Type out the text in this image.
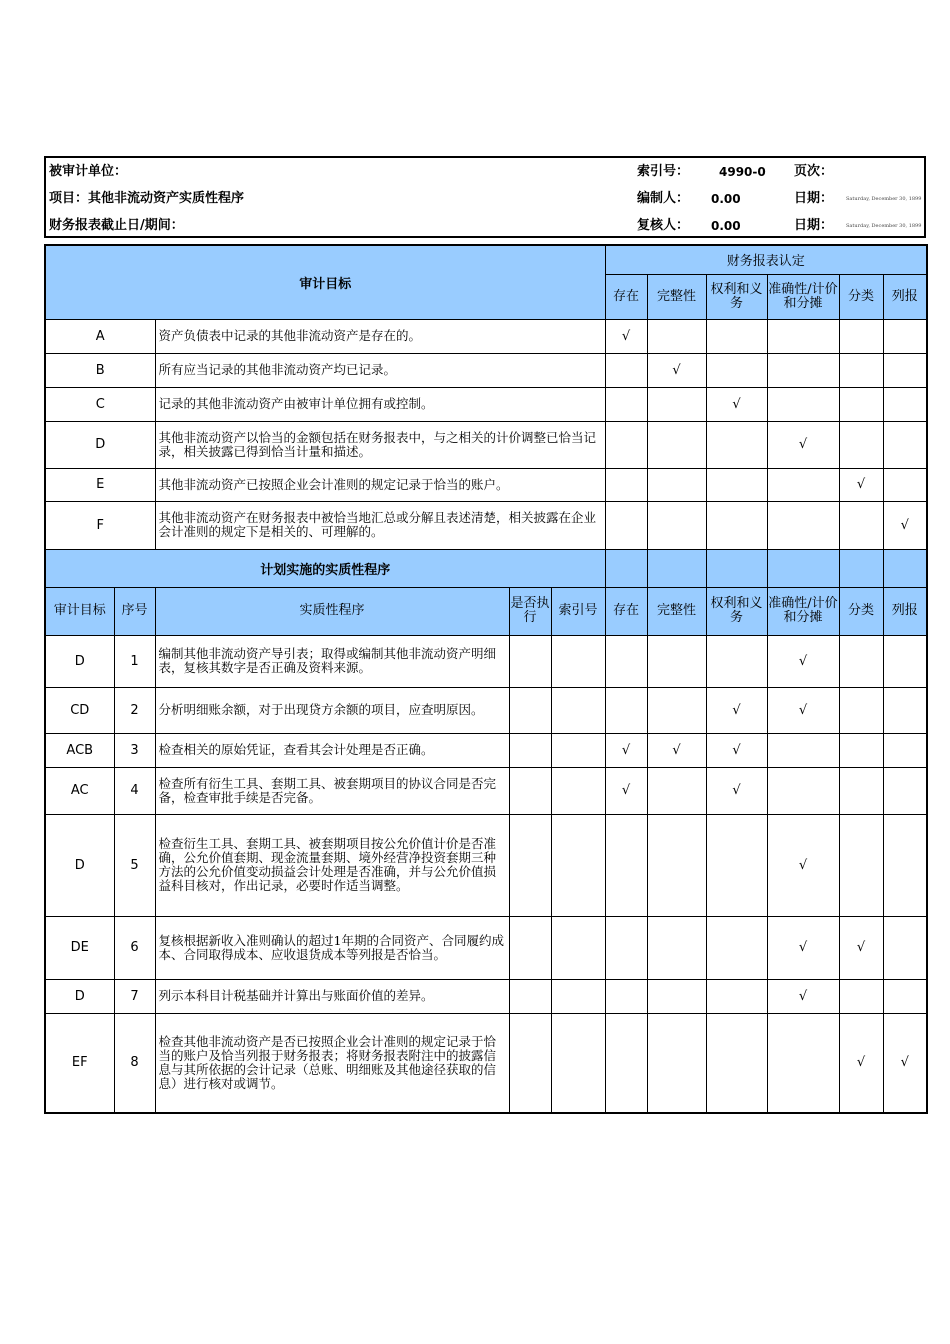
被审计单位：
项目：其他非流动资产实质性程序
财务报表截止日/期间：
索引号： 4990-0 页次：
编制人： 0.00	日期：	Saturday, December 30, 1899
复核人： 0.00	日期：	Saturday, December 30, 1899
审计目标					财务报表认定					
					存在	完整性	权利和义务	准确性/计价和分摊	分类	列报
A		资产负债表中记录的其他非流动资产是存在的。			√					
B		所有应当记录的其他非流动资产均已记录。				√				
C		记录的其他非流动资产由被审计单位拥有或控制。					√			
D		其他非流动资产以恰当的金额包括在财务报表中，与之相关的计价调整已恰当记录，相关披露已得到恰当计量和描述。						√		
E		其他非流动资产已按照企业会计准则的规定记录于恰当的账户。							√	
F		其他非流动资产在财务报表中被恰当地汇总或分解且表述清楚，相关披露在企业会计准则的规定下是相关的、可理解的。								√
计划实施的实质性程序										
审计目标	序号	实质性程序	是否执行	索引号	存在	完整性	权利和义务	准确性/计价和分摊	分类	列报
D	1	编制其他非流动资产导引表；取得或编制其他非流动资产明细表，复核其数字是否正确及资料来源。						√		
CD	2	分析明细账余额，对于出现贷方余额的项目，应查明原因。					√	√		
ACB	3	检查相关的原始凭证，查看其会计处理是否正确。			√	√	√			
AC	4	检查所有衍生工具、套期工具、被套期项目的协议合同是否完备，检查审批手续是否完备。			√		√			
D	5	检查衍生工具、套期工具、被套期项目按公允价值计价是否准确，公允价值套期、现金流量套期、境外经营净投资套期三种方法的公允价值变动损益会计处理是否准确，并与公允价值损益科目核对，作出记录，必要时作适当调整。						√		
DE	6	复核根据新收入准则确认的超过1年期的合同资产、合同履约成本、合同取得成本、应收退货成本等列报是否恰当。						√	√	
D	7	列示本科目计税基础并计算出与账面价值的差异。						√		
EF	8	检查其他非流动资产是否已按照企业会计准则的规定记录于恰当的账户及恰当列报于财务报表；将财务报表附注中的披露信息与其所依据的会计记录（总账、明细账及其他途径获取的信息）进行核对或调节。							√	√
